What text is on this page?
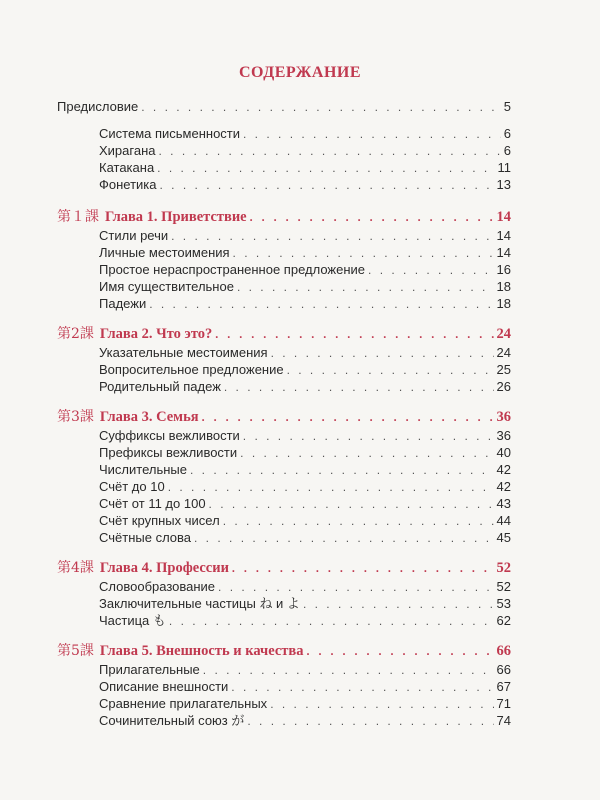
СОДЕРЖАНИЕ
Предисловие . . .	5
Система письменности . . .	6
Хирагана . . .	6
Катакана . . .	11
Фонетика . . .	13
第１課 Глава 1. Приветствие . . .	14
Стили речи . . .	14
Личные местоимения . . .	14
Простое нераспространенное предложение . . .	16
Имя существительное . . .	18
Падежи . . .	18
第2課 Глава 2. Что это? . . .	24
Указательные местоимения . . .	24
Вопросительное предложение . . .	25
Родительный падеж . . .	26
第3課 Глава 3. Семья . . .	36
Суффиксы вежливости . . .	36
Префиксы вежливости . . .	40
Числительные . . .	42
Счёт до 10 . . .	42
Счёт от 11 до 100 . . .	43
Счёт крупных чисел . . .	44
Счётные слова . . .	45
第4課 Глава 4. Профессии . . .	52
Словообразование . . .	52
Заключительные частицы ね и よ . . .	53
Частица も . . .	62
第5課 Глава 5. Внешность и качества . . .	66
Прилагательные . . .	66
Описание внешности . . .	67
Сравнение прилагательных . . .	71
Сочинительный союз が . . .	74
